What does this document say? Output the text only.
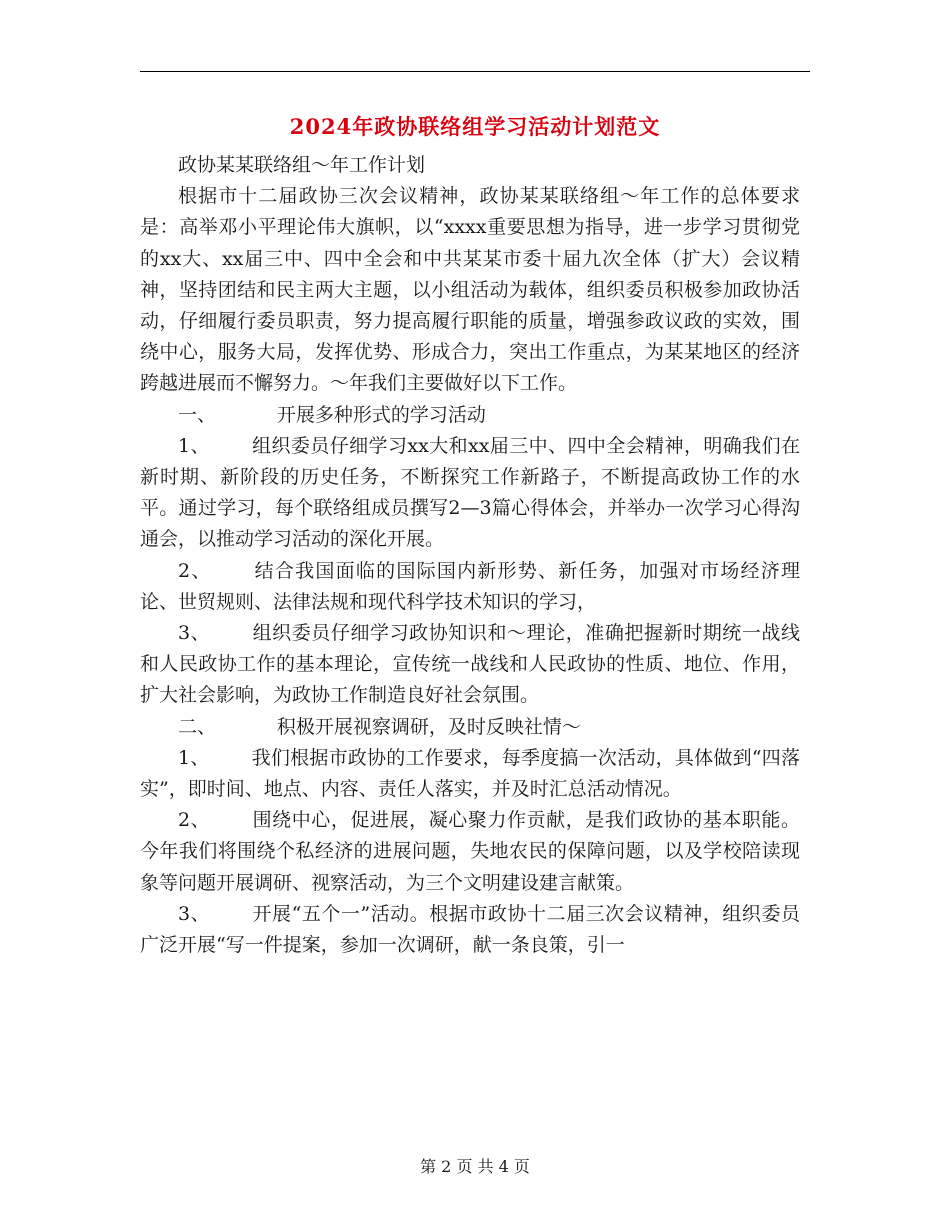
2024年政协联络组学习活动计划范文

政协某某联络组～年工作计划

根据市十二届政协三次会议精神，政协某某联络组～年工作的总体要求是：高举邓小平理论伟大旗帜，以“xxxx重要思想为指导，进一步学习贯彻党的xx大、xx届三中、四中全会和中共某某市委十届九次全体（扩大）会议精神，坚持团结和民主两大主题，以小组活动为载体，组织委员积极参加政协活动，仔细履行委员职责，努力提高履行职能的质量，增强参政议政的实效，围绕中心，服务大局，发挥优势、形成合力，突出工作重点，为某某地区的经济跨越进展而不懈努力。～年我们主要做好以下工作。

一、	开展多种形式的学习活动

1、 组织委员仔细学习xx大和xx届三中、四中全会精神，明确我们在新时期、新阶段的历史任务，不断探究工作新路子，不断提高政协工作的水平。通过学习，每个联络组成员撰写2—3篇心得体会，并举办一次学习心得沟通会，以推动学习活动的深化开展。

2、 结合我国面临的国际国内新形势、新任务，加强对市场经济理论、世贸规则、法律法规和现代科学技术知识的学习，

3、 组织委员仔细学习政协知识和～理论，准确把握新时期统一战线和人民政协工作的基本理论，宣传统一战线和人民政协的性质、地位、作用，扩大社会影响，为政协工作制造良好社会氛围。

二、	积极开展视察调研，及时反映社情～

1、 我们根据市政协的工作要求，每季度搞一次活动，具体做到“四落实”，即时间、地点、内容、责任人落实，并及时汇总活动情况。

2、 围绕中心，促进展，凝心聚力作贡献，是我们政协的基本职能。今年我们将围绕个私经济的进展问题，失地农民的保障问题，以及学校陪读现象等问题开展调研、视察活动，为三个文明建设建言献策。

3、 开展“五个一”活动。根据市政协十二届三次会议精神，组织委员广泛开展“写一件提案，参加一次调研，献一条良策，引一

第 2 页 共 4 页
